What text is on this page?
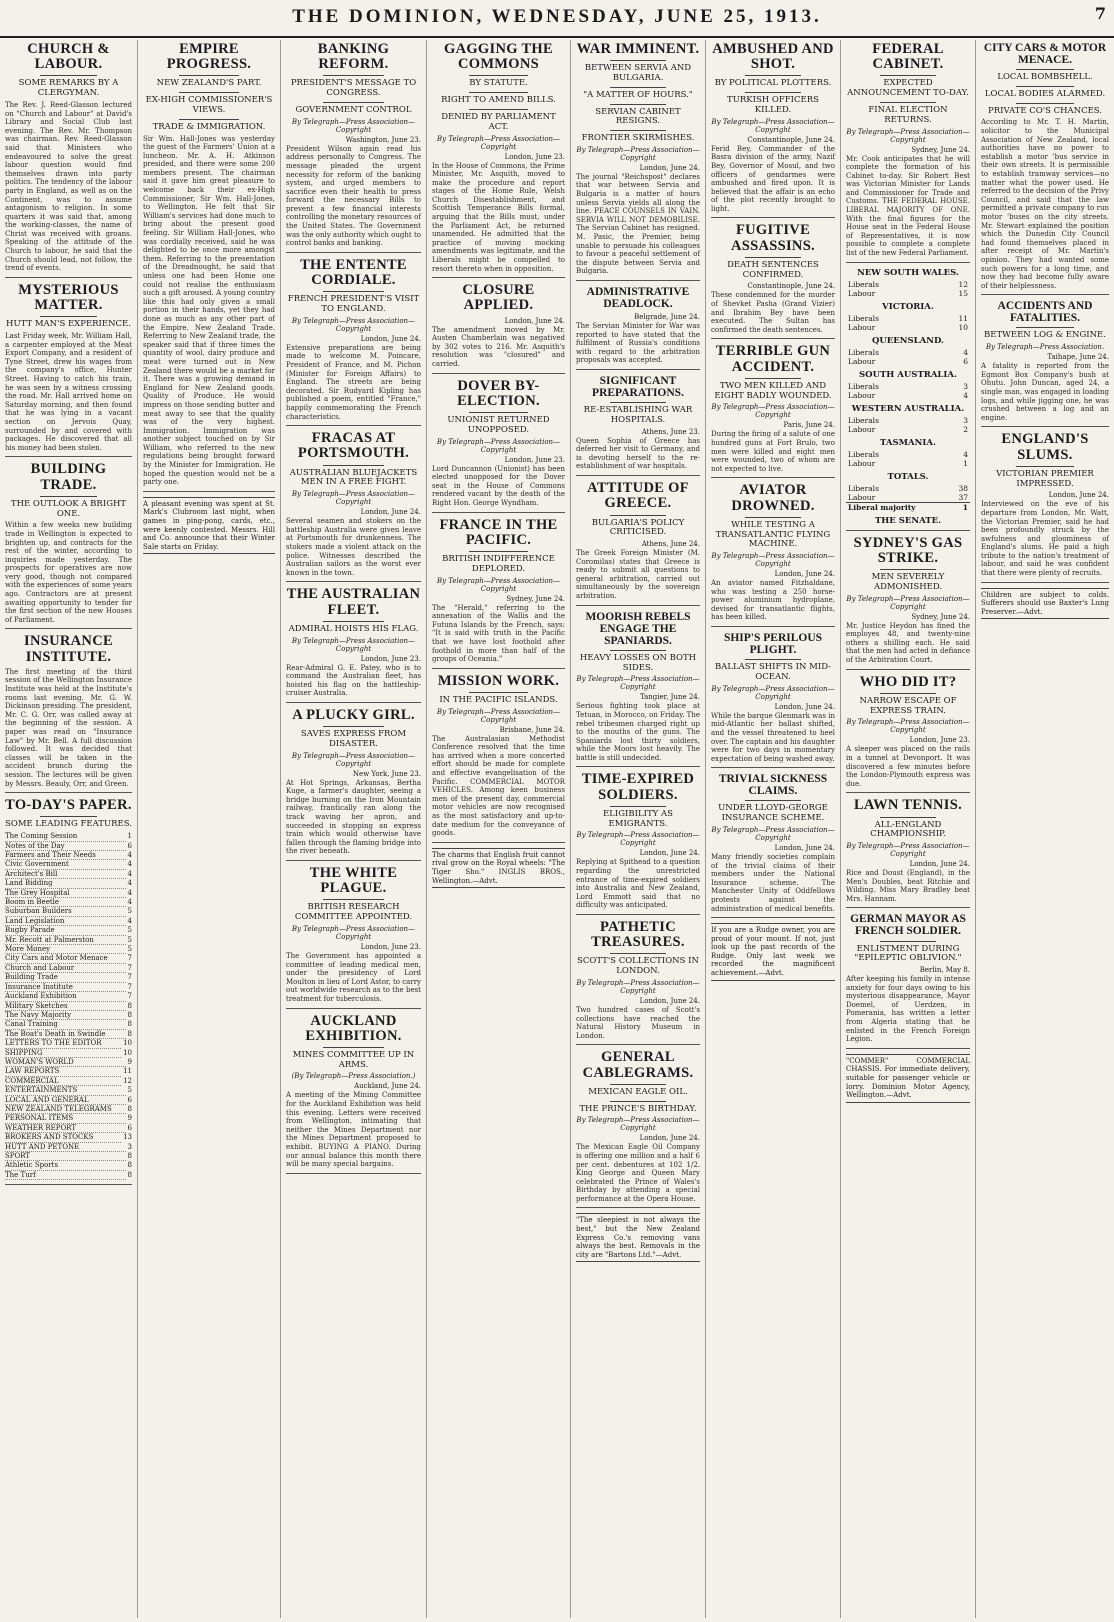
THE DOMINION, WEDNESDAY, JUNE 25, 1913.	7
CHURCH & LABOUR.
SOME REMARKS BY A CLERGYMAN.

The Rev. J. Reed-Glasson lectured on "Church and Labour" at David's Library and Social Club last evening. The Rev. Mr. Thompson was chairman. Rev. Reed-Glasson said that Ministers who endeavoured to solve the great labour question would find themselves drawn into party politics. The tendency of the labour party in England, as well as on the Continent, was to assume antagonism to religion. In some quarters it was said that, among the working-classes, the name of Christ was received with groans. Speaking of the attitude of the Church to labour, he said that the Church should lead, not follow, the trend of events.

MYSTERIOUS MATTER.
HUTT MAN'S EXPERIENCE.

Last Friday week, Mr. William Hall, a carpenter employed at the Meat Export Company, and a resident of Tyne Street, drew his wages from the company's office, Hunter Street. Having to catch his train, he was seen by a witness crossing the road. Mr. Hall arrived home on Saturday morning, and then found that he was lying in a vacant section on Jervois Quay, surrounded by and covered with packages. He discovered that all his money had been stolen.

BUILDING TRADE.
THE OUTLOOK A BRIGHT ONE.

Within a few weeks new building trade in Wellington is expected to brighten up, and contracts for the rest of the winter, according to inquiries made yesterday. The prospects for operatives are now very good, though not compared with the experiences of some years ago. Contractors are at present awaiting opportunity to tender for the first section of the new Houses of Parliament.

INSURANCE INSTITUTE.

The first meeting of the third session of the Wellington Insurance Institute was held at the Institute's rooms last evening. Mr. G. W. Dickinson presiding. The president, Mr. C. G. Orr, was called away at the beginning of the session. A paper was read on "Insurance Law" by Mr. Bell. A full discussion followed. It was decided that classes will be taken in the accident branch during the session. The lectures will be given by Messrs. Beauly, Orr, and Green.

TO-DAY'S PAPER.
SOME LEADING FEATURES.
The Coming Session	1
Notes of the Day	6
Farmers and Their Needs	4
Civic Government	4
Architect's Bill	4
Land Bidding	4
The Grey Hospital	4
Boom in Beetle	4
Suburban Builders	5
Land Legislation	4
Rugby Parade	5
Mr. Recott at Palmerston	5
More Money	5
City Cars and Motor Menace	7
Church and Labour	7
Building Trade	7
Insurance Institute	7
Auckland Exhibition	7
Military Sketches	8
The Navy Majority	8
Canal Training	8
The Boat's Death in Swindle	8
LETTERS TO THE EDITOR	10
SHIPPING	10
WOMAN'S WORLD	9
LAW REPORTS	11
COMMERCIAL	12
ENTERTAINMENTS	5
LOCAL AND GENERAL	6
NEW ZEALAND TELEGRAMS	8
PERSONAL ITEMS	9
WEATHER REPORT	6
BROKERS AND STOCKS	13
HUTT AND PETONE	3
SPORT	8
Athletic Sports	8
The Turf	8
EMPIRE PROGRESS.
NEW ZEALAND'S PART.
EX-HIGH COMMISSIONER'S VIEWS.
TRADE & IMMIGRATION.

Sir Wm. Hall-Jones was yesterday the guest of the Farmers' Union at a luncheon. Mr. A. H. Atkinson presided, and there were some 200 members present. The chairman said it gave him great pleasure to welcome back their ex-High Commissioner, Sir Wm. Hall-Jones, to Wellington. He felt that Sir William's services had done much to bring about the present good feeling. Sir William Hall-Jones, who was cordially received, said he was delighted to be once more amongst them. Referring to the presentation of the Dreadnought, he said that unless one had been Home one could not realise the enthusiasm such a gift aroused. A young country like this had only given a small portion in their hands, yet they had done as much as any other part of the Empire. New Zealand Trade. Referring to New Zealand trade, the speaker said that if three times the quantity of wool, dairy produce and meat were turned out in New Zealand there would be a market for it. There was a growing demand in England for New Zealand goods. Quality of Produce. He would impress on those sending butter and meat away to see that the quality was of the very highest. Immigration. Immigration was another subject touched on by Sir William, who referred to the new regulations being brought forward by the Minister for Immigration. He hoped the question would not be a party one.

A pleasant evening was spent at St. Mark's Clubroom last night, when games in ping-pong, cards, etc., were keenly contested. Messrs. Hill and Co. announce that their Winter Sale starts on Friday.
BANKING REFORM.
PRESIDENT'S MESSAGE TO CONGRESS.
GOVERNMENT CONTROL
By Telegraph—Press Association—Copyright
Washington, June 23.

President Wilson again read his address personally to Congress. The message pleaded the urgent necessity for reform of the banking system, and urged members to sacrifice even their health to press forward the necessary Bills to prevent a few financial interests controlling the monetary resources of the United States. The Government was the only authority which ought to control banks and banking.

THE ENTENTE CORDIALE.
FRENCH PRESIDENT'S VISIT TO ENGLAND.
By Telegraph—Press Association—Copyright
London, June 24.

Extensive preparations are being made to welcome M. Poincare, President of France, and M. Pichon (Minister for Foreign Affairs) to England. The streets are being decorated. Sir Rudyard Kipling has published a poem, entitled "France," happily commemorating the French characteristics.

FRACAS AT PORTSMOUTH.
AUSTRALIAN BLUEJACKETS MEN IN A FREE FIGHT.
By Telegraph—Press Association—Copyright
London, June 24.

Several seamen and stokers on the battleship Australia were given leave at Portsmouth for drunkenness. The stokers made a violent attack on the police. Witnesses described the Australian sailors as the worst ever known in the town.

THE AUSTRALIAN FLEET.
ADMIRAL HOISTS HIS FLAG.
By Telegraph—Press Association—Copyright
London, June 23.

Rear-Admiral G. E. Patey, who is to command the Australian fleet, has hoisted his flag on the battleship-cruiser Australia.

A PLUCKY GIRL.
SAVES EXPRESS FROM DISASTER.
By Telegraph—Press Association—Copyright
New York, June 23.

At Hot Springs, Arkansas, Bertha Kuge, a farmer's daughter, seeing a bridge burning on the Iron Mountain railway, frantically ran along the track waving her apron, and succeeded in stopping an express train which would otherwise have fallen through the flaming bridge into the river beneath.

THE WHITE PLAGUE.
BRITISH RESEARCH COMMITTEE APPOINTED.
By Telegraph—Press Association—Copyright
London, June 23.

The Government has appointed a committee of leading medical men, under the presidency of Lord Moulton in lieu of Lord Astor, to carry out worldwide research as to the best treatment for tuberculosis.

AUCKLAND EXHIBITION.
MINES COMMITTEE UP IN ARMS.
(By Telegraph—Press Association.)
Auckland, June 24.

A meeting of the Mining Committee for the Auckland Exhibition was held this evening. Letters were received from Wellington, intimating that neither the Mines Department nor the Mines Department proposed to exhibit. BUYING A PIANO. During our annual balance this month there will be many special bargains.

GAGGING THE COMMONS
BY STATUTE.
RIGHT TO AMEND BILLS.
DENIED BY PARLIAMENT ACT.
By Telegraph—Press Association—Copyright
London, June 23.

In the House of Commons, the Prime Minister, Mr. Asquith, moved to make the procedure and report stages of the Home Rule, Welsh Church Disestablishment, and Scottish Temperance Bills formal, arguing that the Bills must, under the Parliament Act, be returned unamended. He admitted that the practice of moving mocking amendments was legitimate, and the Liberals might be compelled to resort thereto when in opposition.

CLOSURE APPLIED.
London, June 24.

The amendment moved by Mr. Austen Chamberlain was negatived by 302 votes to 216. Mr. Asquith's resolution was "closured" and carried.

DOVER BY-ELECTION.
UNIONIST RETURNED UNOPPOSED.
By Telegraph—Press Association—Copyright
London, June 23.

Lord Duncannon (Unionist) has been elected unopposed for the Dover seat in the House of Commons rendered vacant by the death of the Right Hon. George Wyndham.

FRANCE IN THE PACIFIC.
BRITISH INDIFFERENCE DEPLORED.
By Telegraph—Press Association—Copyright
Sydney, June 24.

The "Herald," referring to the annexation of the Wallis and the Futuna Islands by the French, says: "It is said with truth in the Pacific that we have lost foothold after foothold in more than half of the groups of Oceania."

MISSION WORK.
IN THE PACIFIC ISLANDS.
By Telegraph—Press Association—Copyright
Brisbane, June 24.

The Australasian Methodist Conference resolved that the time has arrived when a more concerted effort should be made for complete and effective evangelisation of the Pacific. COMMERCIAL MOTOR VEHICLES. Among keen business men of the present day, commercial motor vehicles are now recognised as the most satisfactory and up-to-date medium for the conveyance of goods.

The charms that English fruit cannot rival grow on the Royal wheels: "The Tiger Sho." INGLIS BROS., Wellington.—Advt.
WAR IMMINENT.
BETWEEN SERVIA AND BULGARIA.
"A MATTER OF HOURS."
SERVIAN CABINET RESIGNS.
FRONTIER SKIRMISHES.
By Telegraph—Press Association—Copyright
London, June 24.

The journal "Reichspost" declares that war between Servia and Bulgaria is a matter of hours unless Servia yields all along the line. PEACE COUNSELS IN VAIN. SERVIA WILL NOT DEMOBILISE. The Servian Cabinet has resigned. M. Pasic, the Premier, being unable to persuade his colleagues to favour a peaceful settlement of the dispute between Servia and Bulgaria.

ADMINISTRATIVE DEADLOCK.
Belgrade, June 24.

The Servian Minister for War was reported to have stated that the fulfilment of Russia's conditions with regard to the arbitration proposals was accepted.

SIGNIFICANT PREPARATIONS.
RE-ESTABLISHING WAR HOSPITALS.
Athens, June 23.

Queen Sophia of Greece has deferred her visit to Germany, and is devoting herself to the re-establishment of war hospitals.

ATTITUDE OF GREECE.
BULGARIA'S POLICY CRITICISED.
Athens, June 24.

The Greek Foreign Minister (M. Coromilas) states that Greece is ready to submit all questions to general arbitration, carried out simultaneously by the sovereign arbitration.

MOORISH REBELS ENGAGE THE SPANIARDS.
HEAVY LOSSES ON BOTH SIDES.
By Telegraph—Press Association—Copyright
Tangier, June 24.

Serious fighting took place at Tetuan, in Morocco, on Friday. The rebel tribesmen charged right up to the mouths of the guns. The Spaniards lost thirty soldiers, while the Moors lost heavily. The battle is still undecided.

TIME-EXPIRED SOLDIERS.
ELIGIBILITY AS EMIGRANTS.
By Telegraph—Press Association—Copyright
London, June 24.

Replying at Spithead to a question regarding the unrestricted entrance of time-expired soldiers into Australia and New Zealand, Lord Emmott said that no difficulty was anticipated.

PATHETIC TREASURES.
SCOTT'S COLLECTIONS IN LONDON.
By Telegraph—Press Association—Copyright
London, June 24.

Two hundred cases of Scott's collections have reached the Natural History Museum in London.

GENERAL CABLEGRAMS.
MEXICAN EAGLE OIL.
THE PRINCE'S BIRTHDAY.
By Telegraph—Press Association—Copyright
London, June 24.

The Mexican Eagle Oil Company is offering one million and a half 6 per cent. debentures at 102 1/2. King George and Queen Mary celebrated the Prince of Wales's Birthday by attending a special performance at the Opera House.

"The sleepiest is not always the best," but the New Zealand Express Co.'s removing vans always the best. Removals in the city are "Bartons Ltd."—Advt.
AMBUSHED AND SHOT.
BY POLITICAL PLOTTERS.
TURKISH OFFICERS KILLED.
By Telegraph—Press Association—Copyright
Constantinople, June 24.

Ferid Bey, Commander of the Basra division of the army, Nazif Bey, Governor of Mosul, and two officers of gendarmes were ambushed and fired upon. It is believed that the affair is an echo of the plot recently brought to light.

FUGITIVE ASSASSINS.
DEATH SENTENCES CONFIRMED.
Constantinople, June 24.

These condemned for the murder of Shevket Pasha (Grand Vizier) and Ibrahim Bey have been executed. The Sultan has confirmed the death sentences.

TERRIBLE GUN ACCIDENT.
TWO MEN KILLED AND EIGHT BADLY WOUNDED.
By Telegraph—Press Association—Copyright
Paris, June 24.

During the firing of a salute of one hundred guns at Fort Brulo, two men were killed and eight men were wounded, two of whom are not expected to live.

AVIATOR DROWNED.
WHILE TESTING A TRANSATLANTIC FLYING MACHINE.
By Telegraph—Press Association—Copyright
London, June 24.

An aviator named Fitzhaldane, who was testing a 250 horse-power aluminium hydroplane, devised for transatlantic flights, has been killed.

SHIP'S PERILOUS PLIGHT.
BALLAST SHIFTS IN MID-OCEAN.
By Telegraph—Press Association—Copyright
London, June 24.

While the barque Glenmark was in mid-Atlantic her ballast shifted, and the vessel threatened to heel over. The captain and his daughter were for two days in momentary expectation of being washed away.

TRIVIAL SICKNESS CLAIMS.
UNDER LLOYD-GEORGE INSURANCE SCHEME.
By Telegraph—Press Association—Copyright
London, June 24.

Many friendly societies complain of the trivial claims of their members under the National Insurance scheme. The Manchester Unity of Oddfellows protests against the administration of medical benefits.

If you are a Rudge owner, you are proud of your mount. If not, just look up the past records of the Rudge. Only last week we recorded the magnificent achievement.—Advt.
FEDERAL CABINET.
EXPECTED ANNOUNCEMENT TO-DAY.
FINAL ELECTION RETURNS.
By Telegraph—Press Association—Copyright
Sydney, June 24.

Mr. Cook anticipates that he will complete the formation of his Cabinet to-day. Sir Robert Best was Victorian Minister for Lands and Commissioner for Trade and Customs. THE FEDERAL HOUSE. LIBERAL MAJORITY OF ONE. With the final figures for the House seat in the Federal House of Representatives, it is now possible to complete a complete list of the new Federal Parliament.

NEW SOUTH WALES.
Liberals	12
Labour	15
VICTORIA.
Liberals	11
Labour	10
QUEENSLAND.
Liberals	4
Labour	6
SOUTH AUSTRALIA.
Liberals	3
Labour	4
WESTERN AUSTRALIA.
Liberals	3
Labour	2
TASMANIA.
Liberals	4
Labour	1
TOTALS.
Liberals	38
Labour	37
Liberal majority	1
THE SENATE.
SYDNEY'S GAS STRIKE.
MEN SEVERELY ADMONISHED.
By Telegraph—Press Association—Copyright
Sydney, June 24.

Mr. Justice Heydon has fined the employes 48, and twenty-nine others a shilling each. He said that the men had acted in defiance of the Arbitration Court.

WHO DID IT?
NARROW ESCAPE OF EXPRESS TRAIN.
By Telegraph—Press Association—Copyright
London, June 23.

A sleeper was placed on the rails in a tunnel at Devonport. It was discovered a few minutes before the London-Plymouth express was due.

LAWN TENNIS.
ALL-ENGLAND CHAMPIONSHIP.
By Telegraph—Press Association—Copyright
London, June 24.

Rice and Doust (England), in the Men's Doubles, beat Ritchie and Wilding. Miss Mary Bradley beat Mrs. Hannam.

GERMAN MAYOR AS FRENCH SOLDIER.
ENLISTMENT DURING "EPILEPTIC OBLIVION."
Berlin, May 8.

After keeping his family in intense anxiety for four days owing to his mysterious disappearance, Mayor Doemel, of Uerdzen, in Pomerania, has written a letter from Algeria stating that he enlisted in the French Foreign Legion.

"COMMER" COMMERCIAL CHASSIS. For immediate delivery, suitable for passenger vehicle or lorry. Dominion Motor Agency, Wellington.—Advt.
CITY CARS & MOTOR MENACE.
LOCAL BOMBSHELL.
LOCAL BODIES ALARMED.
PRIVATE CO'S CHANCES.

According to Mr. T. H. Martin, solicitor to the Municipal Association of New Zealand, local authorities have no power to establish a motor 'bus service in their own streets. It is permissible to establish tramway services—no matter what the power used. He referred to the decision of the Privy Council, and said that the law permitted a private company to run motor 'buses on the city streets. Mr. Stewart explained the position which the Dunedin City Council had found themselves placed in after receipt of Mr. Martin's opinion. They had wanted some such powers for a long time, and now they had become fully aware of their helplessness.

ACCIDENTS AND FATALITIES.
BETWEEN LOG & ENGINE.
By Telegraph—Press Association.
Taihape, June 24.

A fatality is reported from the Egmont Box Company's bush at Ohutu. John Duncan, aged 24, a single man, was engaged in loading logs, and while jigging one, he was crushed between a log and an engine.

ENGLAND'S SLUMS.
VICTORIAN PREMIER IMPRESSED.
London, June 24.

Interviewed on the eve of his departure from London, Mr. Watt, the Victorian Premier, said he had been profoundly struck by the awfulness and gloominess of England's slums. He paid a high tribute to the nation's treatment of labour, and said he was confident that there were plenty of recruits.

Children are subject to colds. Sufferers should use Baxter's Lung Preserver.—Advt.
